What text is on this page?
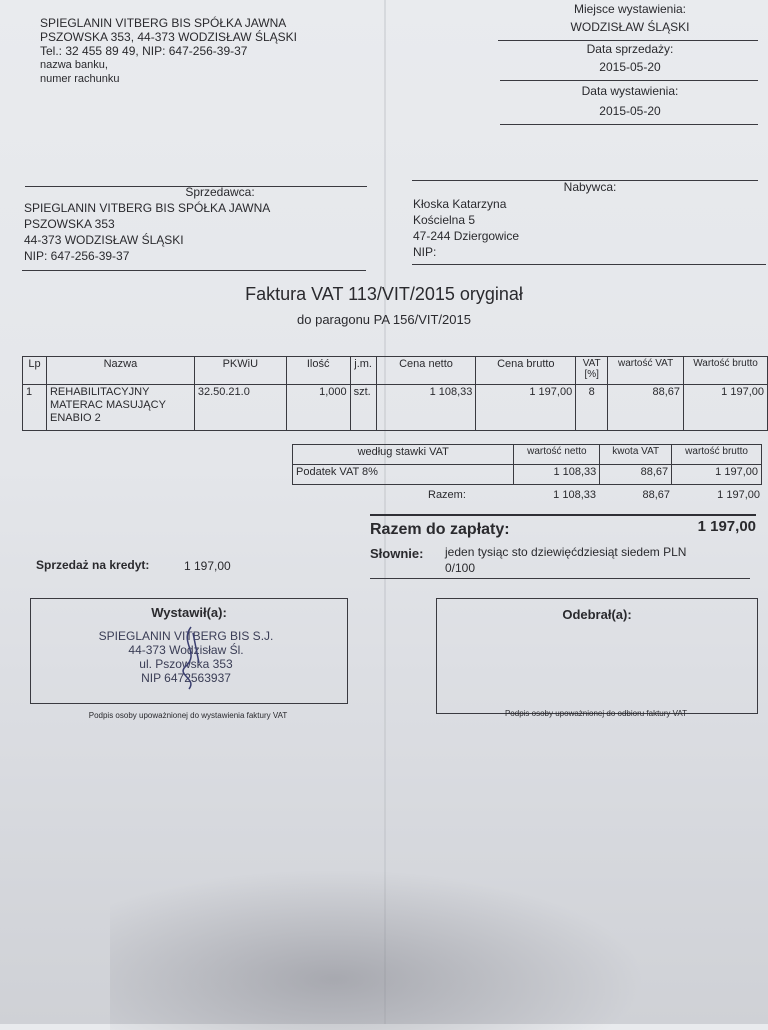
SPIEGLANIN VITBERG BIS SPÓŁKA JAWNA
PSZOWSKA 353, 44-373 WODZISŁAW ŚLĄSKI
Tel.: 32 455 89 49, NIP: 647-256-39-37
nazwa banku,
numer rachunku
Miejsce wystawienia:
WODZISŁAW ŚLĄSKI
Data sprzedaży:
2015-05-20
Data wystawienia:
2015-05-20
Sprzedawca:
SPIEGLANIN VITBERG BIS SPÓŁKA JAWNA
PSZOWSKA 353
44-373 WODZISŁAW ŚLĄSKI
NIP: 647-256-39-37
Nabywca:
Kłoska Katarzyna
Kościelna 5
47-244 Dziergowice
NIP:
Faktura VAT 113/VIT/2015 oryginał
do paragonu PA 156/VIT/2015
Lp	Nazwa	PKWiU	Ilość	j.m.	Cena netto	Cena brutto	VAT [%]	wartość VAT	Wartość brutto
1	REHABILITACYJNY
MATERAC MASUJĄCY
ENABIO 2	32.50.21.0	1,000	szt.	1 108,33	1 197,00	8	88,67	1 197,00
według stawki VAT	wartość netto	kwota VAT	wartość brutto
Podatek VAT 8%	1 108,33	88,67	1 197,00
Razem:	1 108,33	88,67	1 197,00
Razem do zapłaty:	1 197,00
Słownie: jeden tysiąc sto dziewięćdziesiąt siedem PLN
0/100
Sprzedaż na kredyt:	1 197,00
Wystawił(a):
SPIEGLANIN VITBERG BIS S.J.
44-373 Wodzisław Śl.
ul. Pszowska 353
NIP 6472563937
Podpis osoby upoważnionej do wystawienia faktury VAT
Odebrał(a):
Podpis osoby upoważnionej do odbioru faktury VAT
